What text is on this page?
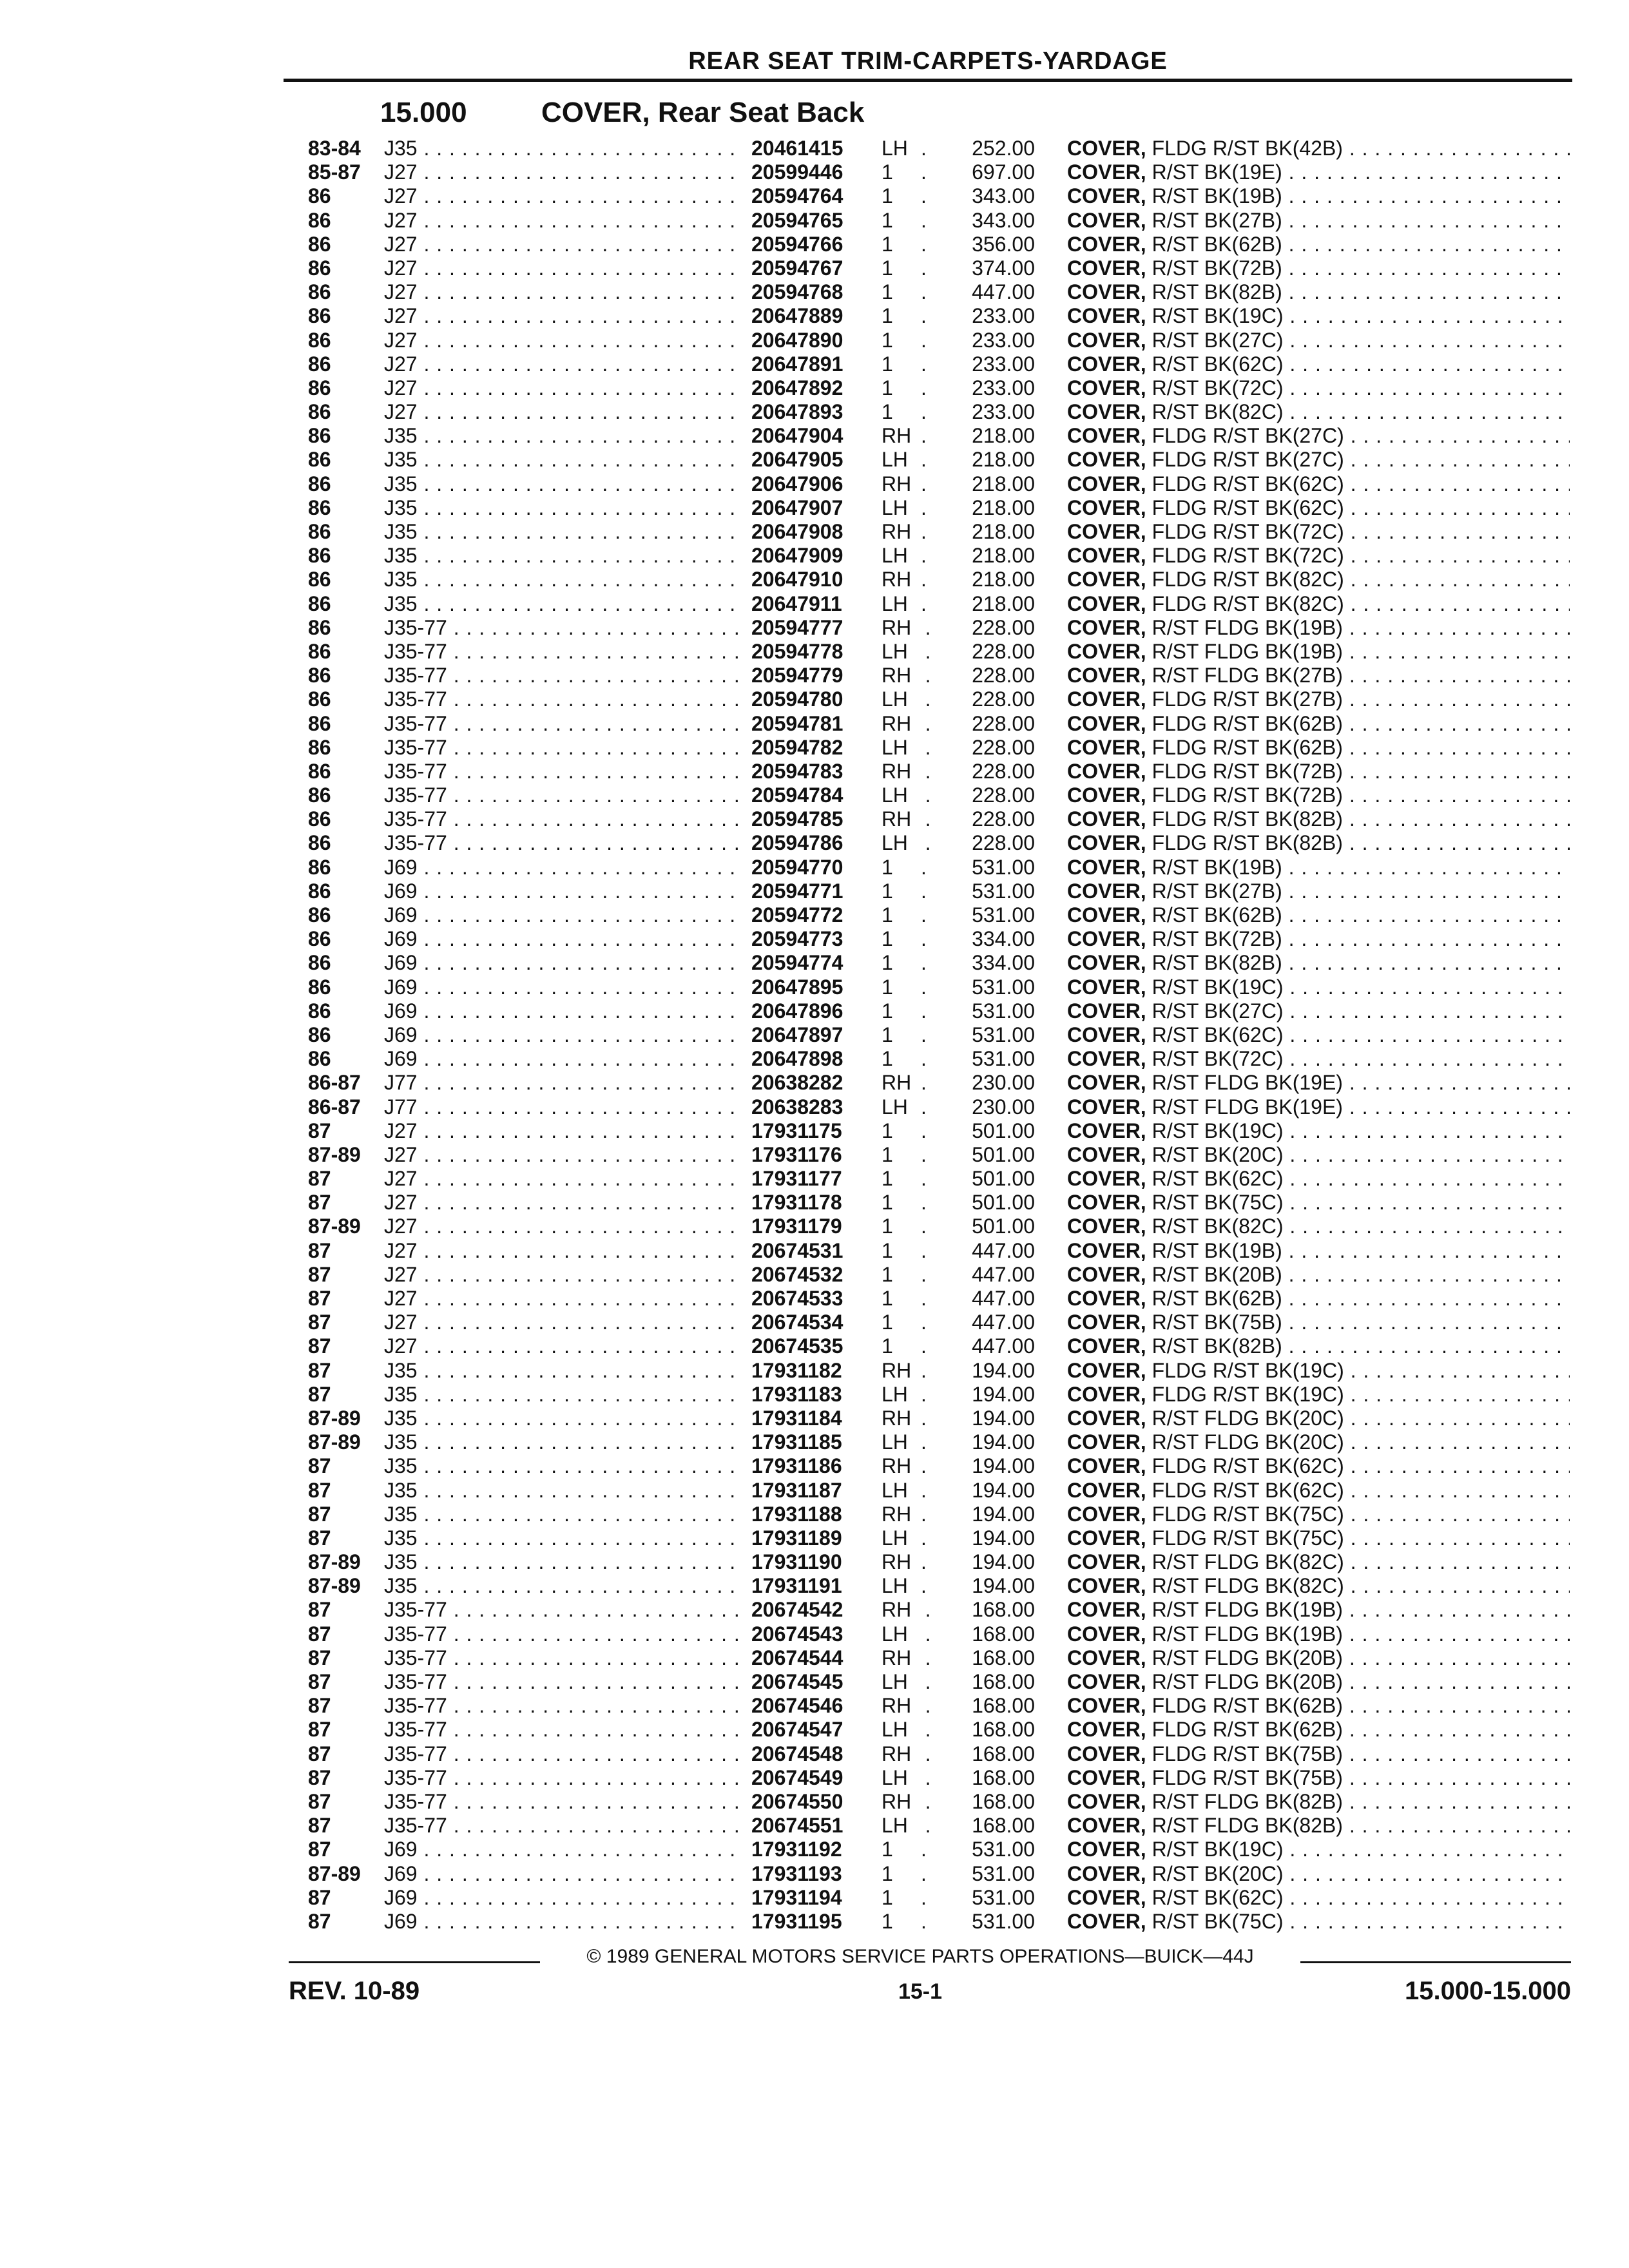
REAR SEAT TRIM-CARPETS-YARDAGE
15.000	COVER, Rear Seat Back
83-84 J35 . . .	20461415	LH	252.00 COVER, FLDG R/ST BK(42B) . . .
85-87 J27 . . .	20599446	1	697.00 COVER, R/ST BK(19E) . . .
86	J27 . . .	20594764	1	343.00 COVER, R/ST BK(19B) . . .
86	J27 . . .	20594765	1	343.00 COVER, R/ST BK(27B) . . .
86	J27 . . .	20594766	1	356.00 COVER, R/ST BK(62B) . . .
86	J27 . . .	20594767	1	374.00 COVER, R/ST BK(72B) . . .
86	J27 . . .	20594768	1	447.00 COVER, R/ST BK(82B) . . .
86	J27 . . .	20647889	1	233.00 COVER, R/ST BK(19C) . . .
86	J27 . . .	20647890	1	233.00 COVER, R/ST BK(27C) . . .
86	J27 . . .	20647891	1	233.00 COVER, R/ST BK(62C) . . .
86	J27 . . .	20647892	1	233.00 COVER, R/ST BK(72C) . . .
86	J27 . . .	20647893	1	233.00 COVER, R/ST BK(82C) . . .
86	J35 . . .	20647904	RH	218.00 COVER, FLDG R/ST BK(27C) . . .
86	J35 . . .	20647905	LH	218.00 COVER, FLDG R/ST BK(27C) . . .
86	J35 . . .	20647906	RH	218.00 COVER, FLDG R/ST BK(62C) . . .
86	J35 . . .	20647907	LH	218.00 COVER, FLDG R/ST BK(62C) . . .
86	J35 . . .	20647908	RH	218.00 COVER, FLDG R/ST BK(72C) . . .
86	J35 . . .	20647909	LH	218.00 COVER, FLDG R/ST BK(72C) . . .
86	J35 . . .	20647910	RH	218.00 COVER, FLDG R/ST BK(82C) . . .
86	J35 . . .	20647911	LH	218.00 COVER, FLDG R/ST BK(82C) . . .
86	J35-77 . . .	20594777	RH	228.00 COVER, R/ST FLDG BK(19B) . . .
86	J35-77 . . .	20594778	LH	228.00 COVER, R/ST FLDG BK(19B) . . .
86	J35-77 . . .	20594779	RH	228.00 COVER, R/ST FLDG BK(27B) . . .
86	J35-77 . . .	20594780	LH	228.00 COVER, FLDG R/ST BK(27B) . . .
86	J35-77 . . .	20594781	RH	228.00 COVER, FLDG R/ST BK(62B) . . .
86	J35-77 . . .	20594782	LH	228.00 COVER, FLDG R/ST BK(62B) . . .
86	J35-77 . . .	20594783	RH	228.00 COVER, FLDG R/ST BK(72B) . . .
86	J35-77 . . .	20594784	LH	228.00 COVER, FLDG R/ST BK(72B) . . .
86	J35-77 . . .	20594785	RH	228.00 COVER, FLDG R/ST BK(82B) . . .
86	J35-77 . . .	20594786	LH	228.00 COVER, FLDG R/ST BK(82B) . . .
86	J69 . . .	20594770	1	531.00 COVER, R/ST BK(19B) . . .
86	J69 . . .	20594771	1	531.00 COVER, R/ST BK(27B) . . .
86	J69 . . .	20594772	1	531.00 COVER, R/ST BK(62B) . . .
86	J69 . . .	20594773	1	334.00 COVER, R/ST BK(72B) . . .
86	J69 . . .	20594774	1	334.00 COVER, R/ST BK(82B) . . .
86	J69 . . .	20647895	1	531.00 COVER, R/ST BK(19C) . . .
86	J69 . . .	20647896	1	531.00 COVER, R/ST BK(27C) . . .
86	J69 . . .	20647897	1	531.00 COVER, R/ST BK(62C) . . .
86	J69 . . .	20647898	1	531.00 COVER, R/ST BK(72C) . . .
86-87 J77 . . .	20638282	RH	230.00 COVER, R/ST FLDG BK(19E) . . .
86-87 J77 . . .	20638283	LH	230.00 COVER, R/ST FLDG BK(19E) . . .
87	J27 . . .	17931175	1	501.00 COVER, R/ST BK(19C) . . .
87-89 J27 . . .	17931176	1	501.00 COVER, R/ST BK(20C) . . .
87	J27 . . .	17931177	1	501.00 COVER, R/ST BK(62C) . . .
87	J27 . . .	17931178	1	501.00 COVER, R/ST BK(75C) . . .
87-89 J27 . . .	17931179	1	501.00 COVER, R/ST BK(82C) . . .
87	J27 . . .	20674531	1	447.00 COVER, R/ST BK(19B) . . .
87	J27 . . .	20674532	1	447.00 COVER, R/ST BK(20B) . . .
87	J27 . . .	20674533	1	447.00 COVER, R/ST BK(62B) . . .
87	J27 . . .	20674534	1	447.00 COVER, R/ST BK(75B) . . .
87	J27 . . .	20674535	1	447.00 COVER, R/ST BK(82B) . . .
87	J35 . . .	17931182	RH	194.00 COVER, FLDG R/ST BK(19C) . . .
87	J35 . . .	17931183	LH	194.00 COVER, FLDG R/ST BK(19C) . . .
87-89 J35 . . .	17931184	RH	194.00 COVER, R/ST FLDG BK(20C) . . .
87-89 J35 . . .	17931185	LH	194.00 COVER, R/ST FLDG BK(20C) . . .
87	J35 . . .	17931186	RH	194.00 COVER, FLDG R/ST BK(62C) . . .
87	J35 . . .	17931187	LH	194.00 COVER, FLDG R/ST BK(62C) . . .
87	J35 . . .	17931188	RH	194.00 COVER, FLDG R/ST BK(75C) . . .
87	J35 . . .	17931189	LH	194.00 COVER, FLDG R/ST BK(75C) . . .
87-89 J35 . . .	17931190	RH	194.00 COVER, R/ST FLDG BK(82C) . . .
87-89 J35 . . .	17931191	LH	194.00 COVER, R/ST FLDG BK(82C) . . .
87	J35-77 . . .	20674542	RH	168.00 COVER, R/ST FLDG BK(19B) . . .
87	J35-77 . . .	20674543	LH	168.00 COVER, R/ST FLDG BK(19B) . . .
87	J35-77 . . .	20674544	RH	168.00 COVER, R/ST FLDG BK(20B) . . .
87	J35-77 . . .	20674545	LH	168.00 COVER, R/ST FLDG BK(20B) . . .
87	J35-77 . . .	20674546	RH	168.00 COVER, FLDG R/ST BK(62B) . . .
87	J35-77 . . .	20674547	LH	168.00 COVER, FLDG R/ST BK(62B) . . .
87	J35-77 . . .	20674548	RH	168.00 COVER, FLDG R/ST BK(75B) . . .
87	J35-77 . . .	20674549	LH	168.00 COVER, FLDG R/ST BK(75B) . . .
87	J35-77 . . .	20674550	RH	168.00 COVER, R/ST FLDG BK(82B) . . .
87	J35-77 . . .	20674551	LH	168.00 COVER, R/ST FLDG BK(82B) . . .
87	J69 . . .	17931192	1	531.00 COVER, R/ST BK(19C) . . .
87-89 J69 . . .	17931193	1	531.00 COVER, R/ST BK(20C) . . .
87	J69 . . .	17931194	1	531.00 COVER, R/ST BK(62C) . . .
87	J69 . . .	17931195	1	531.00 COVER, R/ST BK(75C) . . .
© 1989 GENERAL MOTORS SERVICE PARTS OPERATIONS—BUICK—44J
REV. 10-89	15-1	15.000-15.000
